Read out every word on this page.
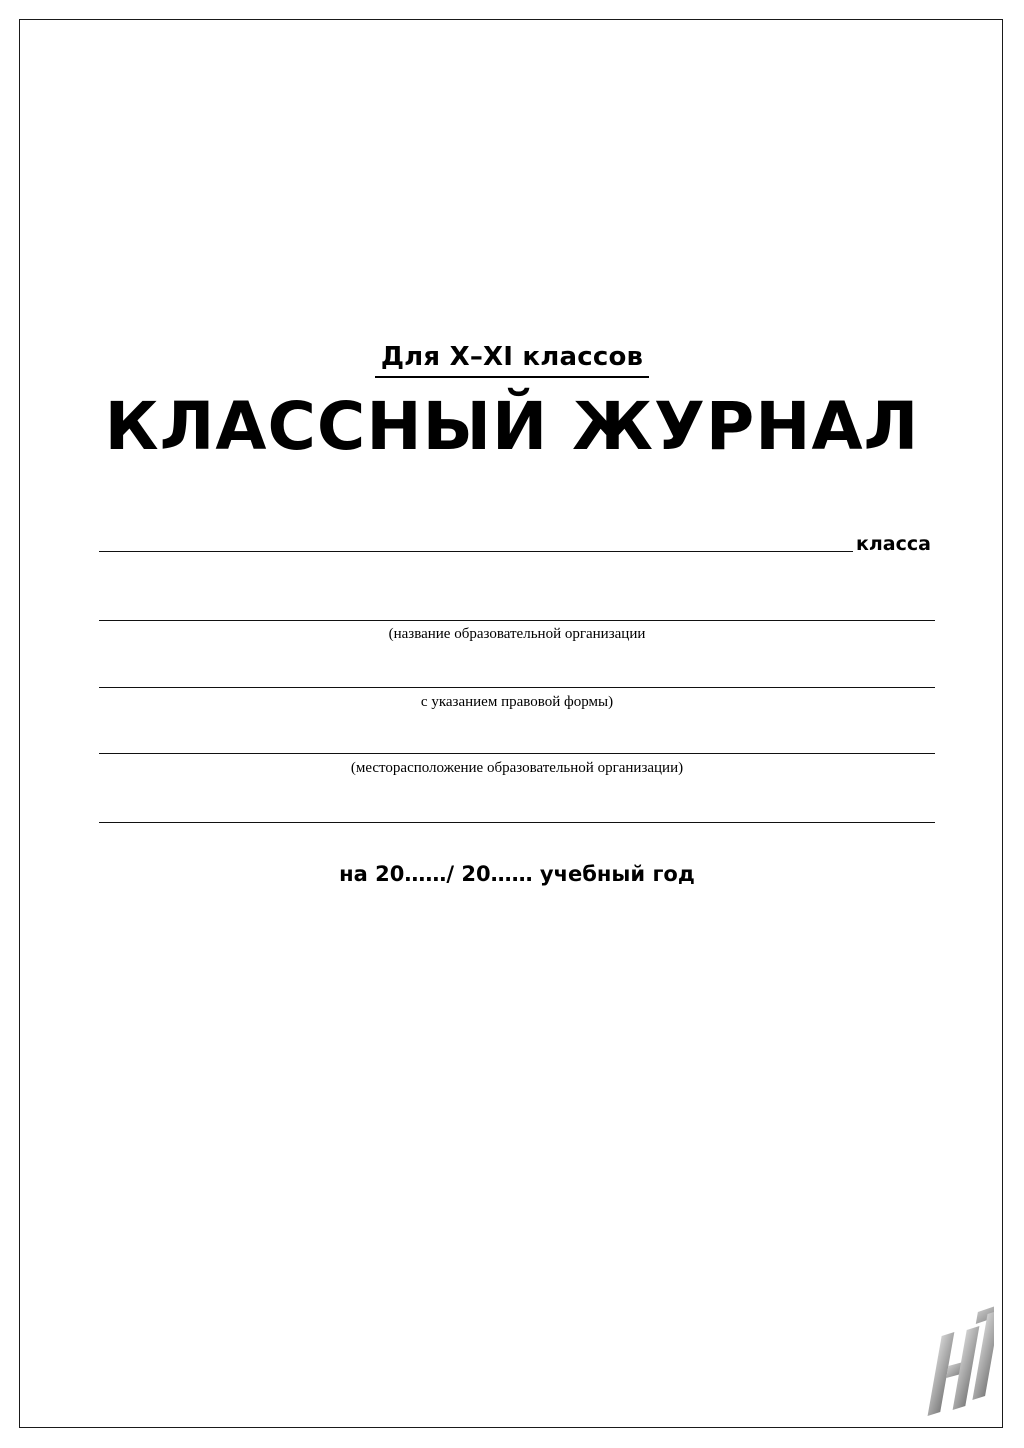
Для X–XI классов
КЛАССНЫЙ ЖУРНАЛ
класса
(название образовательной организации
с указанием правовой формы)
(месторасположение образовательной организации)
на 20……/ 20…… учебный год
